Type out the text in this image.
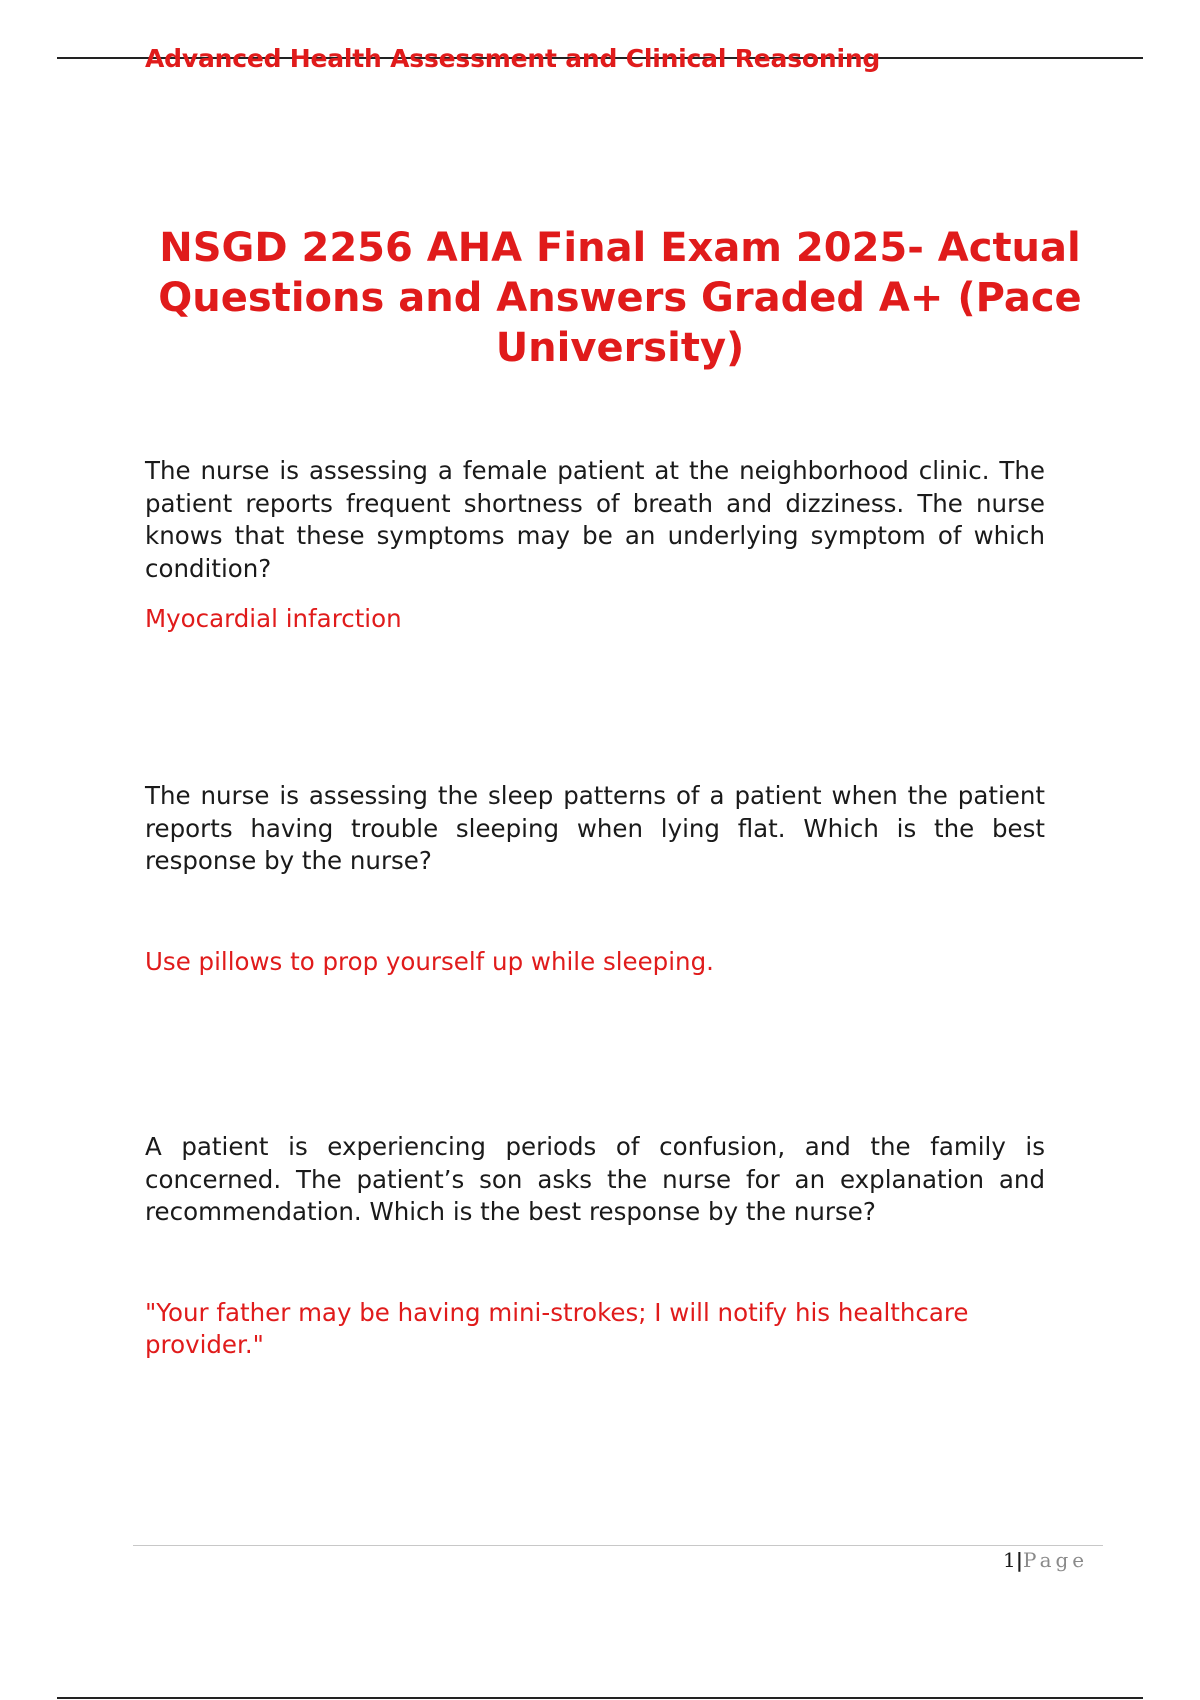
Advanced Health Assessment and Clinical Reasoning
NSGD 2256 AHA Final Exam 2025- Actual Questions and Answers Graded A+ (Pace University)

The nurse is assessing a female patient at the neighborhood clinic. The patient reports frequent shortness of breath and dizziness. The nurse knows that these symptoms may be an underlying symptom of which condition?

Myocardial infarction

The nurse is assessing the sleep patterns of a patient when the patient reports having trouble sleeping when lying flat. Which is the best response by the nurse?

Use pillows to prop yourself up while sleeping.

A patient is experiencing periods of confusion, and the family is concerned. The patient’s son asks the nurse for an explanation and recommendation. Which is the best response by the nurse?

"Your father may be having mini-strokes; I will notify his healthcare provider."

1|Page
